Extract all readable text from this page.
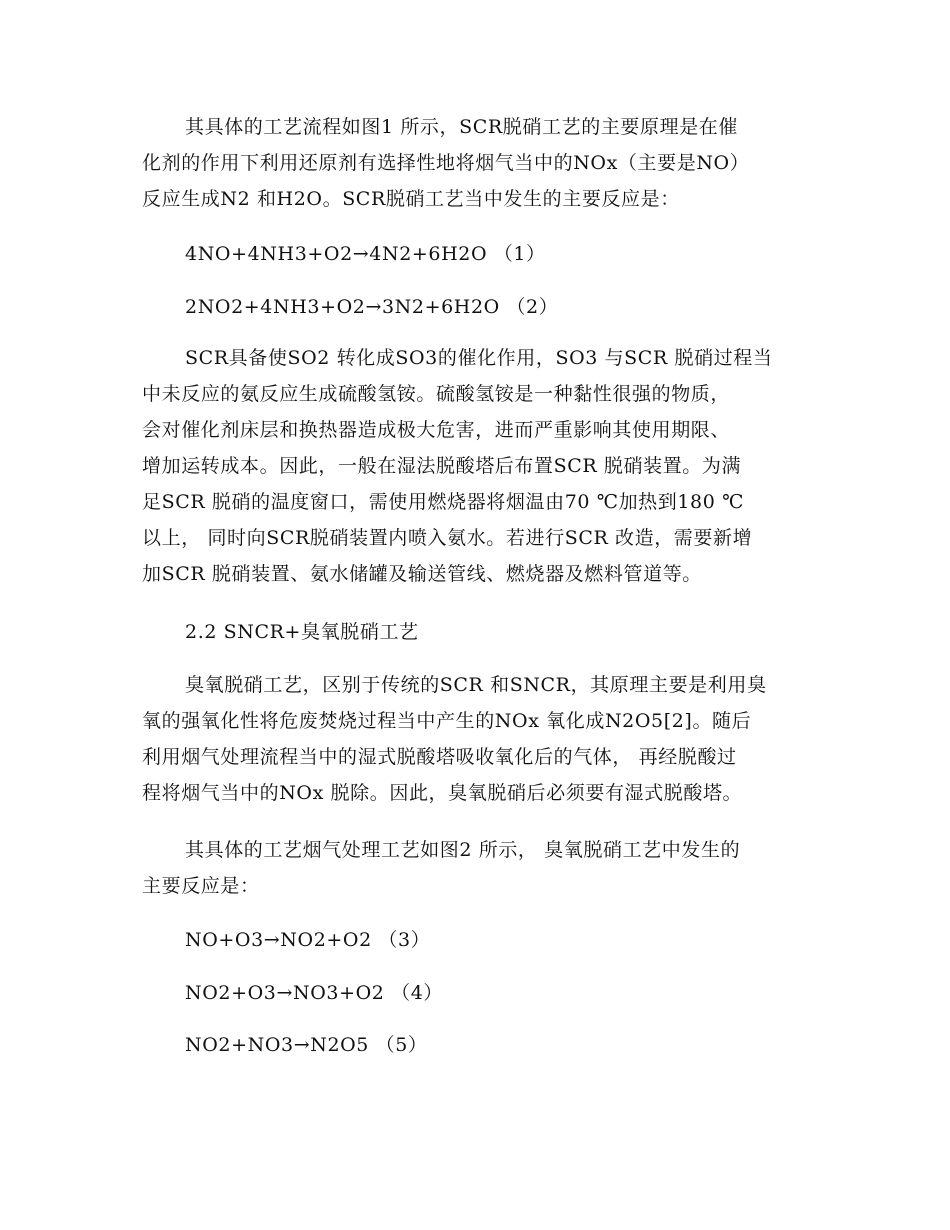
其具体的工艺流程如图1 所示，SCR脱硝工艺的主要原理是在催
化剂的作用下利用还原剂有选择性地将烟气当中的NOx（主要是NO）
反应生成N2 和H2O。SCR脱硝工艺当中发生的主要反应是：
4NO+4NH3+O2→4N2+6H2O （1）
2NO2+4NH3+O2→3N2+6H2O （2）
SCR具备使SO2 转化成SO3的催化作用，SO3 与SCR 脱硝过程当
中未反应的氨反应生成硫酸氢铵。硫酸氢铵是一种黏性很强的物质，
会对催化剂床层和换热器造成极大危害，进而严重影响其使用期限、
增加运转成本。因此，一般在湿法脱酸塔后布置SCR 脱硝装置。为满
足SCR 脱硝的温度窗口，需使用燃烧器将烟温由70 ℃加热到180 ℃
以上， 同时向SCR脱硝装置内喷入氨水。若进行SCR 改造，需要新增
加SCR 脱硝装置、氨水储罐及输送管线、燃烧器及燃料管道等。
2.2 SNCR+臭氧脱硝工艺
臭氧脱硝工艺，区别于传统的SCR 和SNCR，其原理主要是利用臭
氧的强氧化性将危废焚烧过程当中产生的NOx 氧化成N2O5[2]。随后
利用烟气处理流程当中的湿式脱酸塔吸收氧化后的气体， 再经脱酸过
程将烟气当中的NOx 脱除。因此，臭氧脱硝后必须要有湿式脱酸塔。
其具体的工艺烟气处理工艺如图2 所示， 臭氧脱硝工艺中发生的
主要反应是：
NO+O3→NO2+O2 （3）
NO2+O3→NO3+O2 （4）
NO2+NO3→N2O5 （5）
